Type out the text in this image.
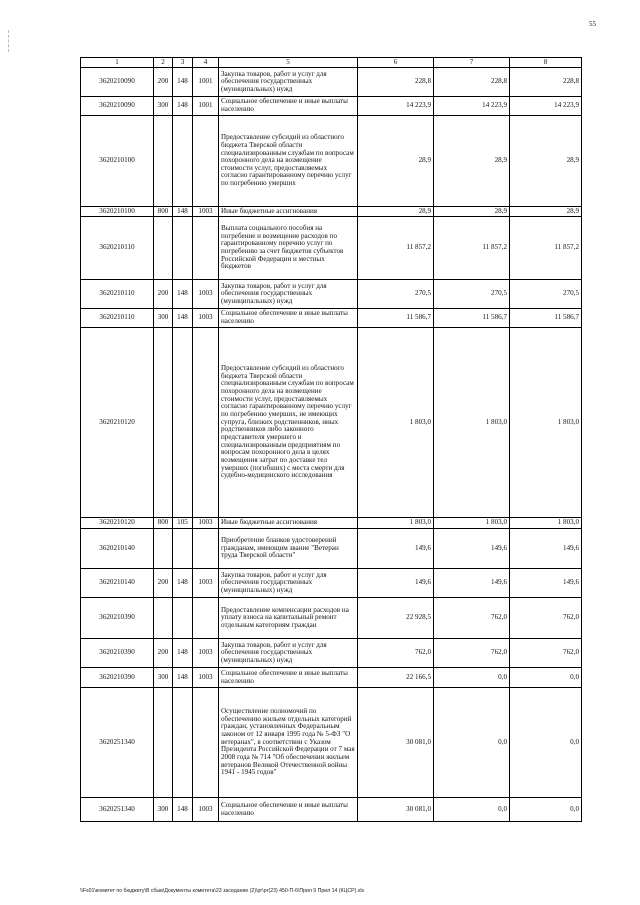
55
1	2	3	4	5	6	7	8
3620210090	200	148	1001	Закупка товаров, работ и услуг для обеспечения государственных (муниципальных) нужд	228,8	228,8	228,8
3620210090	300	148	1001	Социальное обеспечение и иные выплаты населению	14 223,9	14 223,9	14 223,9
3620210100				Предоставление субсидий из областного бюджета Тверской области специализированным службам по вопросам похоронного дела на возмещение стоимости услуг, предоставляемых согласно гарантированному перечню услуг по погребению умерших	28,9	28,9	28,9
3620210100	800	148	1003	Иные бюджетные ассигнования	28,9	28,9	28,9
3620210110				Выплата социального пособия на погребение и возмещение расходов по гарантированному перечню услуг по погребению за счет бюджетов субъектов Российской Федерации и местных бюджетов	11 857,2	11 857,2	11 857,2
3620210110	200	148	1003	Закупка товаров, работ и услуг для обеспечения государственных (муниципальных) нужд	270,5	270,5	270,5
3620210110	300	148	1003	Социальное обеспечение и иные выплаты населению	11 586,7	11 586,7	11 586,7
3620210120				Предоставление субсидий из областного бюджета Тверской области специализированным службам по вопросам похоронного дела на возмещение стоимости услуг, предоставляемых согласно гарантированному перечню услуг по погребению умерших, не имеющих супруга, близких родственников, иных родственников либо законного представителя умершего и специализированным предприятиям по вопросам похоронного дела в целях возмещения затрат по доставке тел умерших (погибших) с места смерти для судебно-медицинского исследования	1 803,0	1 803,0	1 803,0
3620210120	800	105	1003	Иные бюджетные ассигнования	1 803,0	1 803,0	1 803,0
3620210140				Приобретение бланков удостоверений гражданам, имеющим звание "Ветеран труда Тверской области"	149,6	149,6	149,6
3620210140	200	148	1003	Закупка товаров, работ и услуг для обеспечения государственных (муниципальных) нужд	149,6	149,6	149,6
3620210390				Предоставление компенсации расходов на уплату взноса на капитальный ремонт отдельным категориям граждан	22 928,5	762,0	762,0
3620210390	200	148	1003	Закупка товаров, работ и услуг для обеспечения государственных (муниципальных) нужд	762,0	762,0	762,0
3620210390	300	148	1003	Социальное обеспечение и иные выплаты населению	22 166,5	0,0	0,0
3620251340				Осуществление полномочий по обеспечению жильем отдельных категорий граждан, установленных Федеральным законом от 12 января 1995 года № 5-ФЗ "О ветеранах", в соответствии с Указом Президента Российской Федерации от 7 мая 2008 года № 714 "Об обеспечении жильем ветеранов Великой Отечественной войны 1941 - 1945 годов"	30 081,0	0,0	0,0
3620251340	300	148	1003	Социальное обеспечение и иные выплаты населению	30 081,0	0,0	0,0
\\Fs01\комитет по бюджету\В сбыв\Документы комитета\23 заседание (2)\рг\рг(23) 450-П-6\Прил 9 Прил 14 (КЦСР).xls
